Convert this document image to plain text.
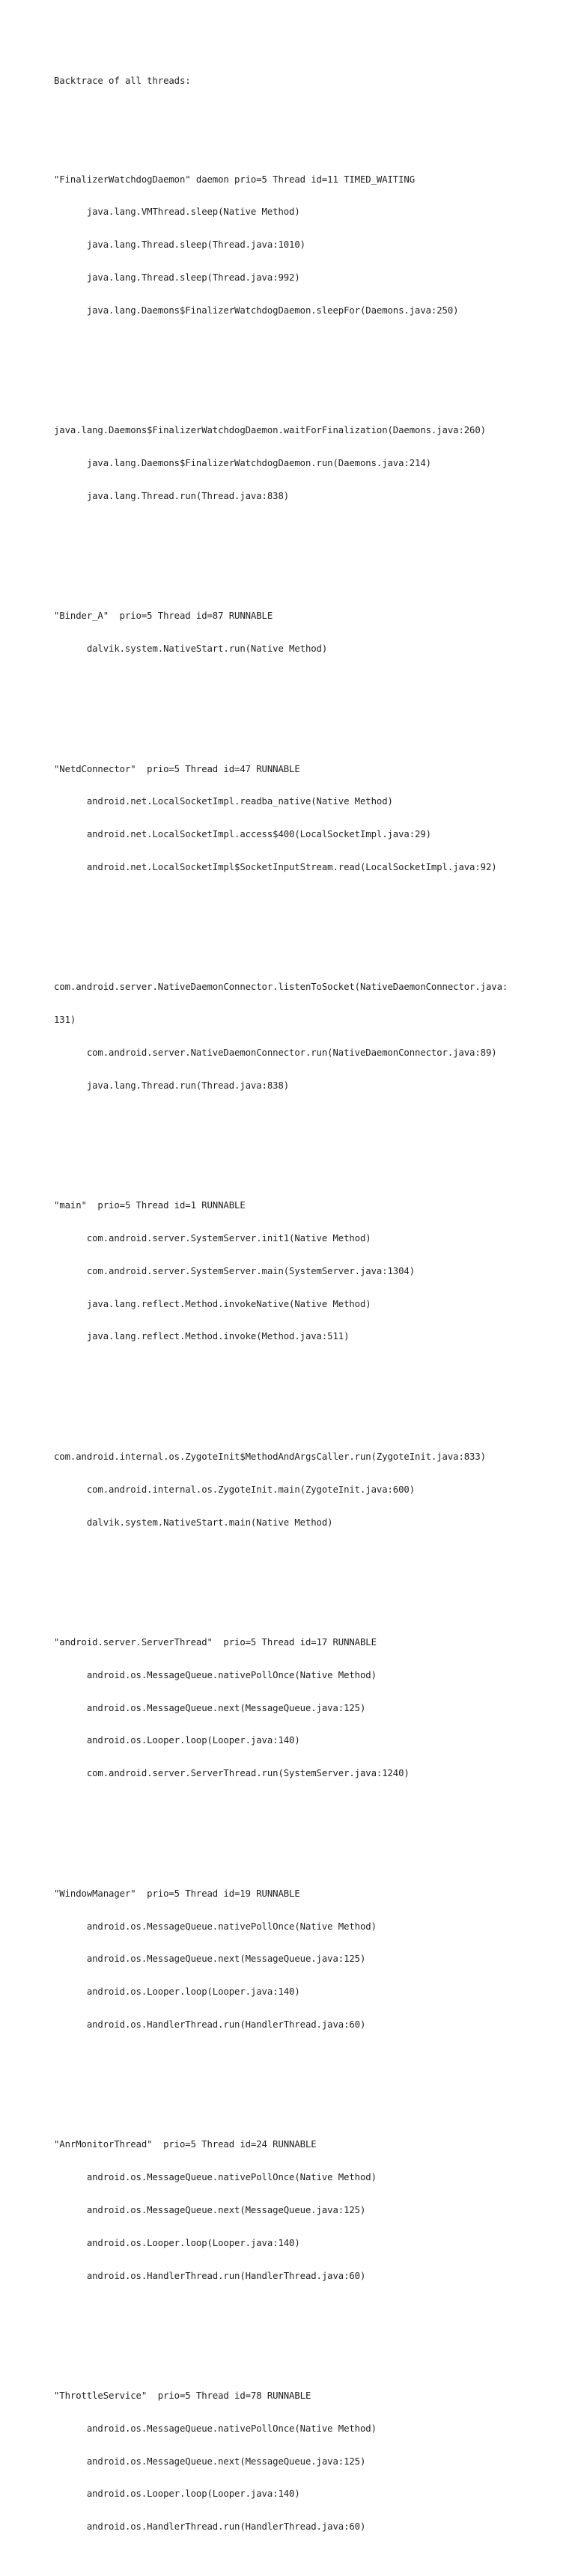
Backtrace of all threads:

"FinalizerWatchdogDaemon" daemon prio=5 Thread id=11 TIMED_WAITING

java.lang.VMThread.sleep(Native Method)

java.lang.Thread.sleep(Thread.java:1010)

java.lang.Thread.sleep(Thread.java:992)

java.lang.Daemons$FinalizerWatchdogDaemon.sleepFor(Daemons.java:250)

java.lang.Daemons$FinalizerWatchdogDaemon.waitForFinalization(Daemons.java:260)

java.lang.Daemons$FinalizerWatchdogDaemon.run(Daemons.java:214)

java.lang.Thread.run(Thread.java:838)

"Binder_A"  prio=5 Thread id=87 RUNNABLE

dalvik.system.NativeStart.run(Native Method)

"NetdConnector"  prio=5 Thread id=47 RUNNABLE

android.net.LocalSocketImpl.readba_native(Native Method)

android.net.LocalSocketImpl.access$400(LocalSocketImpl.java:29)

android.net.LocalSocketImpl$SocketInputStream.read(LocalSocketImpl.java:92)

com.android.server.NativeDaemonConnector.listenToSocket(NativeDaemonConnector.java:

131)

com.android.server.NativeDaemonConnector.run(NativeDaemonConnector.java:89)

java.lang.Thread.run(Thread.java:838)

"main"  prio=5 Thread id=1 RUNNABLE

com.android.server.SystemServer.init1(Native Method)

com.android.server.SystemServer.main(SystemServer.java:1304)

java.lang.reflect.Method.invokeNative(Native Method)

java.lang.reflect.Method.invoke(Method.java:511)

com.android.internal.os.ZygoteInit$MethodAndArgsCaller.run(ZygoteInit.java:833)

com.android.internal.os.ZygoteInit.main(ZygoteInit.java:600)

dalvik.system.NativeStart.main(Native Method)

"android.server.ServerThread"  prio=5 Thread id=17 RUNNABLE

android.os.MessageQueue.nativePollOnce(Native Method)

android.os.MessageQueue.next(MessageQueue.java:125)

android.os.Looper.loop(Looper.java:140)

com.android.server.ServerThread.run(SystemServer.java:1240)

"WindowManager"  prio=5 Thread id=19 RUNNABLE

android.os.MessageQueue.nativePollOnce(Native Method)

android.os.MessageQueue.next(MessageQueue.java:125)

android.os.Looper.loop(Looper.java:140)

android.os.HandlerThread.run(HandlerThread.java:60)

"AnrMonitorThread"  prio=5 Thread id=24 RUNNABLE

android.os.MessageQueue.nativePollOnce(Native Method)

android.os.MessageQueue.next(MessageQueue.java:125)

android.os.Looper.loop(Looper.java:140)

android.os.HandlerThread.run(HandlerThread.java:60)

"ThrottleService"  prio=5 Thread id=78 RUNNABLE

android.os.MessageQueue.nativePollOnce(Native Method)

android.os.MessageQueue.next(MessageQueue.java:125)

android.os.Looper.loop(Looper.java:140)

android.os.HandlerThread.run(HandlerThread.java:60)
